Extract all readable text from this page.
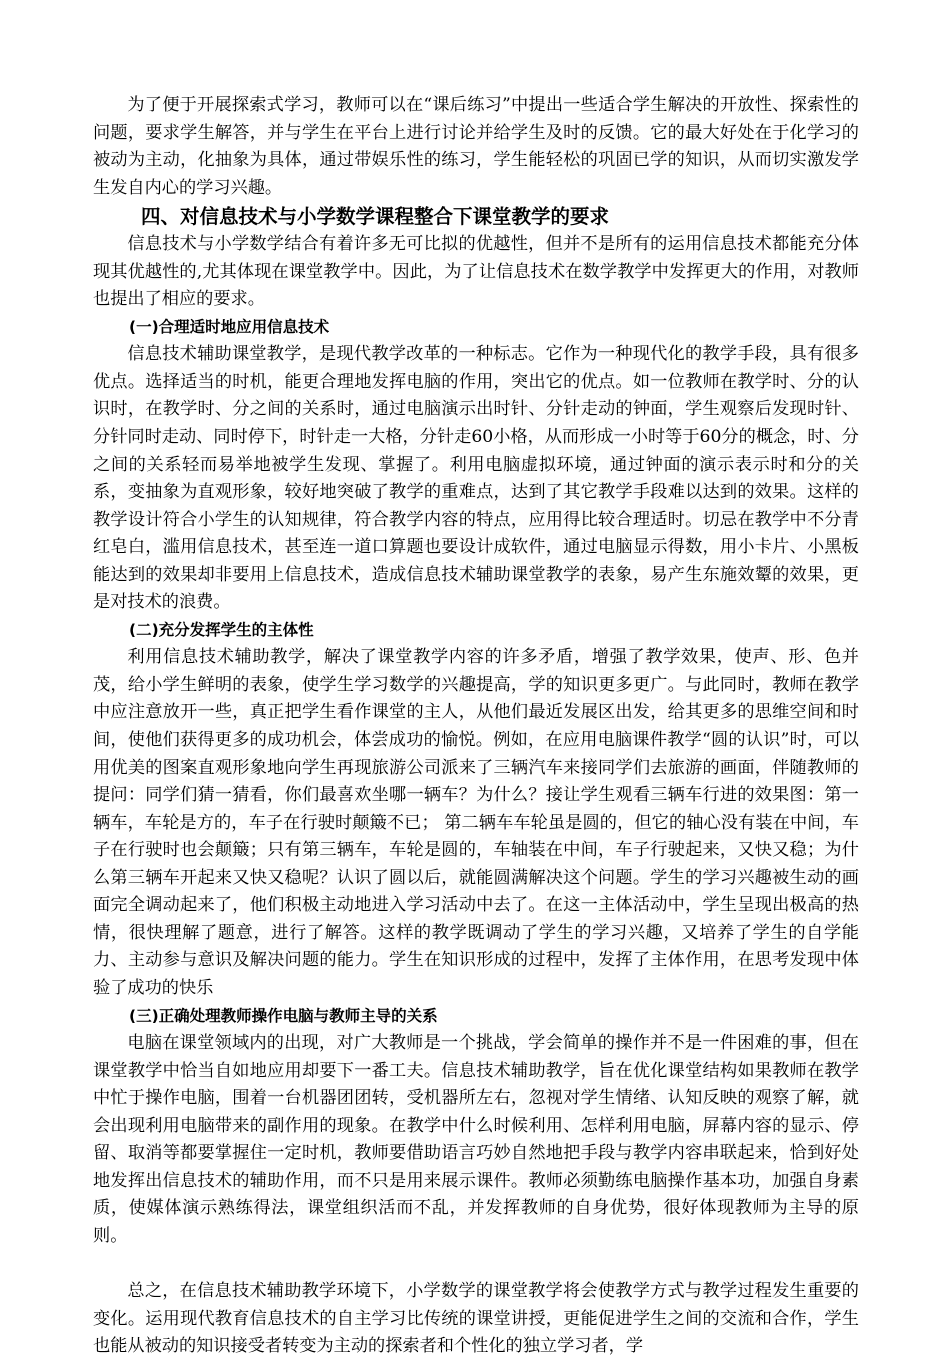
为了便于开展探索式学习，教师可以在“课后练习”中提出一些适合学生解决的开放性、探索性的问题，要求学生解答，并与学生在平台上进行讨论并给学生及时的反馈。它的最大好处在于化学习的被动为主动，化抽象为具体，通过带娱乐性的练习，学生能轻松的巩固已学的知识，从而切实激发学生发自内心的学习兴趣。

四、对信息技术与小学数学课程整合下课堂教学的要求

信息技术与小学数学结合有着许多无可比拟的优越性，但并不是所有的运用信息技术都能充分体现其优越性的,尤其体现在课堂教学中。因此，为了让信息技术在数学教学中发挥更大的作用，对教师也提出了相应的要求。

(一)合理适时地应用信息技术

信息技术辅助课堂教学，是现代教学改革的一种标志。它作为一种现代化的教学手段，具有很多优点。选择适当的时机，能更合理地发挥电脑的作用，突出它的优点。如一位教师在教学时、分的认识时，在教学时、分之间的关系时，通过电脑演示出时针、分针走动的钟面，学生观察后发现时针、分针同时走动、同时停下，时针走一大格，分针走60小格，从而形成一小时等于60分的概念，时、分之间的关系轻而易举地被学生发现、掌握了。利用电脑虚拟环境，通过钟面的演示表示时和分的关系，变抽象为直观形象，较好地突破了教学的重难点，达到了其它教学手段难以达到的效果。这样的教学设计符合小学生的认知规律，符合教学内容的特点，应用得比较合理适时。切忌在教学中不分青红皂白，滥用信息技术，甚至连一道口算题也要设计成软件，通过电脑显示得数，用小卡片、小黑板能达到的效果却非要用上信息技术，造成信息技术辅助课堂教学的表象，易产生东施效颦的效果，更是对技术的浪费。

(二)充分发挥学生的主体性

利用信息技术辅助教学，解决了课堂教学内容的许多矛盾，增强了教学效果，使声、形、色并茂，给小学生鲜明的表象，使学生学习数学的兴趣提高，学的知识更多更广。与此同时，教师在教学中应注意放开一些，真正把学生看作课堂的主人，从他们最近发展区出发，给其更多的思维空间和时间，使他们获得更多的成功机会，体尝成功的愉悦。例如，在应用电脑课件教学“圆的认识”时，可以用优美的图案直观形象地向学生再现旅游公司派来了三辆汽车来接同学们去旅游的画面，伴随教师的提问：同学们猜一猜看，你们最喜欢坐哪一辆车？为什么？接让学生观看三辆车行进的效果图：第一辆车，车轮是方的，车子在行驶时颠簸不已； 第二辆车车轮虽是圆的，但它的轴心没有装在中间，车子在行驶时也会颠簸；只有第三辆车，车轮是圆的，车轴装在中间，车子行驶起来，又快又稳；为什么第三辆车开起来又快又稳呢？认识了圆以后，就能圆满解决这个问题。学生的学习兴趣被生动的画面完全调动起来了，他们积极主动地进入学习活动中去了。在这一主体活动中，学生呈现出极高的热情，很快理解了题意，进行了解答。这样的教学既调动了学生的学习兴趣，又培养了学生的自学能力、主动参与意识及解决问题的能力。学生在知识形成的过程中，发挥了主体作用，在思考发现中体验了成功的快乐

(三)正确处理教师操作电脑与教师主导的关系

电脑在课堂领域内的出现，对广大教师是一个挑战，学会简单的操作并不是一件困难的事，但在课堂教学中恰当自如地应用却要下一番工夫。信息技术辅助教学，旨在优化课堂结构如果教师在教学中忙于操作电脑，围着一台机器团团转，受机器所左右，忽视对学生情绪、认知反映的观察了解，就会出现利用电脑带来的副作用的现象。在教学中什么时候利用、怎样利用电脑，屏幕内容的显示、停留、取消等都要掌握住一定时机，教师要借助语言巧妙自然地把手段与教学内容串联起来，恰到好处地发挥出信息技术的辅助作用，而不只是用来展示课件。教师必须勤练电脑操作基本功，加强自身素质，使媒体演示熟练得法，课堂组织活而不乱，并发挥教师的自身优势，很好体现教师为主导的原则。

总之，在信息技术辅助教学环境下，小学数学的课堂教学将会使教学方式与教学过程发生重要的变化。运用现代教育信息技术的自主学习比传统的课堂讲授，更能促进学生之间的交流和合作，学生也能从被动的知识接受者转变为主动的探索者和个性化的独立学习者，学
